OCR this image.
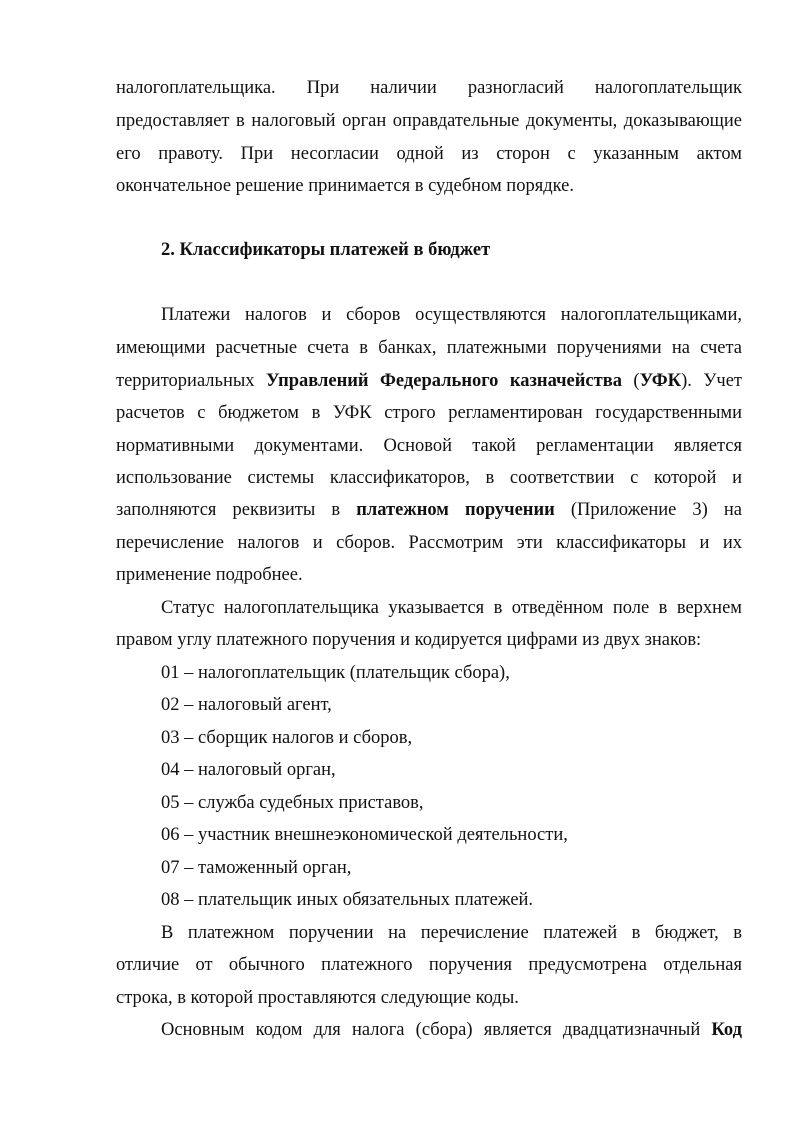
налогоплательщика. При наличии разногласий налогоплательщик
предоставляет в налоговый орган оправдательные документы, доказывающие
его правоту. При несогласии одной из сторон с указанным актом
окончательное решение принимается в судебном порядке.
2. Классификаторы платежей в бюджет
Платежи налогов и сборов осуществляются налогоплательщиками,
имеющими расчетные счета в банках, платежными поручениями на счета
территориальных Управлений Федерального казначейства (УФК). Учет
расчетов с бюджетом в УФК строго регламентирован государственными
нормативными документами. Основой такой регламентации является
использование системы классификаторов, в соответствии с которой и
заполняются реквизиты в платежном поручении (Приложение 3) на
перечисление налогов и сборов. Рассмотрим эти классификаторы и их
применение подробнее.
Статус налогоплательщика указывается в отведённом поле в верхнем
правом углу платежного поручения и кодируется цифрами из двух знаков:
01 – налогоплательщик (плательщик сбора),
02 – налоговый агент,
03 – сборщик налогов и сборов,
04 – налоговый орган,
05 – служба судебных приставов,
06 – участник внешнеэкономической деятельности,
07 – таможенный орган,
08 – плательщик иных обязательных платежей.
В платежном поручении на перечисление платежей в бюджет, в
отличие от обычного платежного поручения предусмотрена отдельная
строка, в которой проставляются следующие коды.
Основным кодом для налога (сбора) является двадцатизначный Код
